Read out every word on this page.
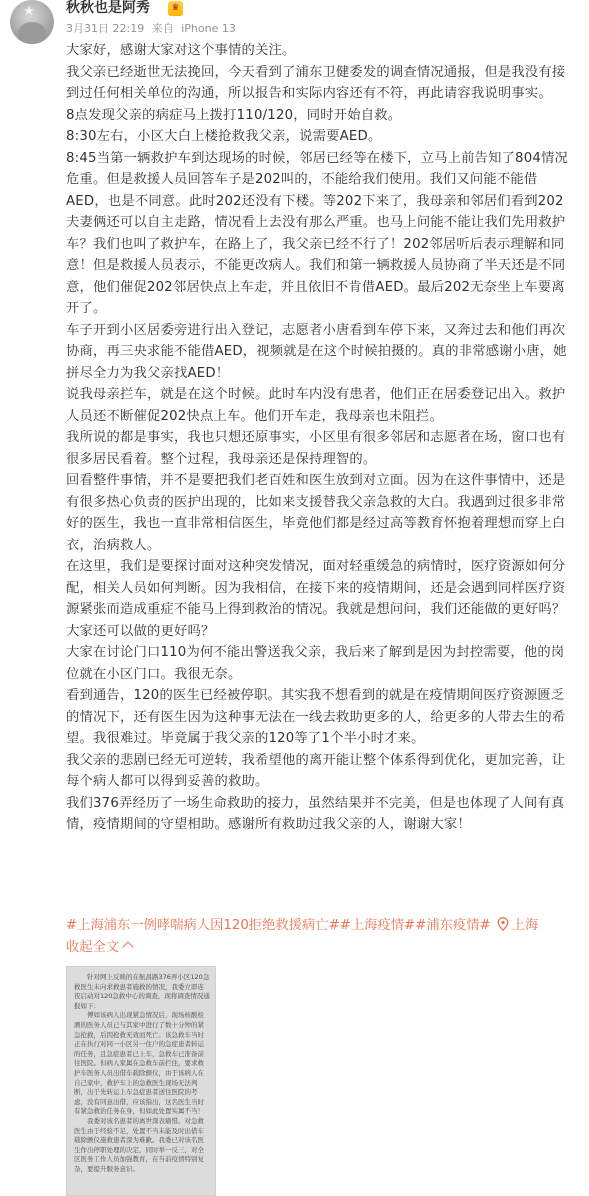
★ 秋秋也是阿秀	♛
3月31日 22:19 来自 iPhone 13

大家好，感谢大家对这个事情的关注。

我父亲已经逝世无法挽回，今天看到了浦东卫健委发的调查情况通报，但是我没有接到过任何相关单位的沟通，所以报告和实际内容还有不符，再此请容我说明事实。

8点发现父亲的病症马上拨打110/120，同时开始自救。

8:30左右，小区大白上楼抢救我父亲，说需要AED。

8:45当第一辆救护车到达现场的时候，邻居已经等在楼下，立马上前告知了804情况危重。但是救援人员回答车子是202叫的，不能给我们使用。我们又问能不能借AED，也是不同意。此时202还没有下楼。等202下来了，我母亲和邻居们看到202夫妻俩还可以自主走路，情况看上去没有那么严重。也马上问能不能让我们先用救护车？我们也叫了救护车，在路上了，我父亲已经不行了！202邻居听后表示理解和同意！但是救援人员表示，不能更改病人。我们和第一辆救援人员协商了半天还是不同意，他们催促202邻居快点上车走，并且依旧不肯借AED。最后202无奈坐上车要离开了。

车子开到小区居委旁进行出入登记，志愿者小唐看到车停下来，又奔过去和他们再次协商，再三央求能不能借AED，视频就是在这个时候拍摄的。真的非常感谢小唐，她拼尽全力为我父亲找AED！

说我母亲拦车，就是在这个时候。此时车内没有患者，他们正在居委登记出入。救护人员还不断催促202快点上车。他们开车走，我母亲也未阻拦。

我所说的都是事实，我也只想还原事实，小区里有很多邻居和志愿者在场，窗口也有很多居民看着。整个过程，我母亲还是保持理智的。

回看整件事情，并不是要把我们老百姓和医生放到对立面。因为在这件事情中，还是有很多热心负责的医护出现的，比如来支援替我父亲急救的大白。我遇到过很多非常好的医生，我也一直非常相信医生，毕竟他们都是经过高等教育怀抱着理想而穿上白衣，治病救人。

在这里，我们是要探讨面对这种突发情况，面对轻重缓急的病情时，医疗资源如何分配，相关人员如何判断。因为我相信，在接下来的疫情期间，还是会遇到同样医疗资源紧张而造成重症不能马上得到救治的情况。我就是想问问，我们还能做的更好吗？大家还可以做的更好吗？

大家在讨论门口110为何不能出警送我父亲，我后来了解到是因为封控需要，他的岗位就在小区门口。我很无奈。

看到通告，120的医生已经被停职。其实我不想看到的就是在疫情期间医疗资源匮乏的情况下，还有医生因为这种事无法在一线去救助更多的人，给更多的人带去生的希望。我很难过。毕竟属于我父亲的120等了1个半小时才来。

我父亲的悲剧已经无可逆转，我希望他的离开能让整个体系得到优化，更加完善，让每个病人都可以得到妥善的救助。

我们376弄经历了一场生命救助的接力，虽然结果并不完美，但是也体现了人间有真情，疫情期间的守望相助。感谢所有救助过我父亲的人，谢谢大家！

#上海浦东一例哮喘病人因120拒绝救援病亡##上海疫情##浦东疫情# 上海
收起全文

针对网上反映的在航昌路376弄小区120急救医生未向求救患者施救的情况，我委立即连夜启动对120急救中心的调查，现将调查情况通报如下：

傅如该病人出现紧急情况后，现场核酸检测的医务人员已与其家中进行了数十分钟的紧急抢救，后因抢救无效而死亡。该急救车当时正在执行对同一小区另一住户的急症患者转运的任务，且急症患者已上车，急救车已准备前往医院。但病人家属在急救车前拦住，要求救护车医务人员出借车载除颤仪，由于该病人在自己家中，救护车上的急救医生现场无法判断，出于先转运上车急症患者送往医院的考虑，没有同意出借，应该指出，这名医生当时有紧急救治任务在身，但如此处置实属不当！

我委对该名患者的离世深表痛惜。对急救医生由于经验不足，处置不当未能及时出借车载除颤仪施救患者深为难歉。我委已对该名医生作出停职处理的决定，同时举一反三，对全区医务工作人员加强教育，在当前疫情特别复杂，要提升服务意识。
